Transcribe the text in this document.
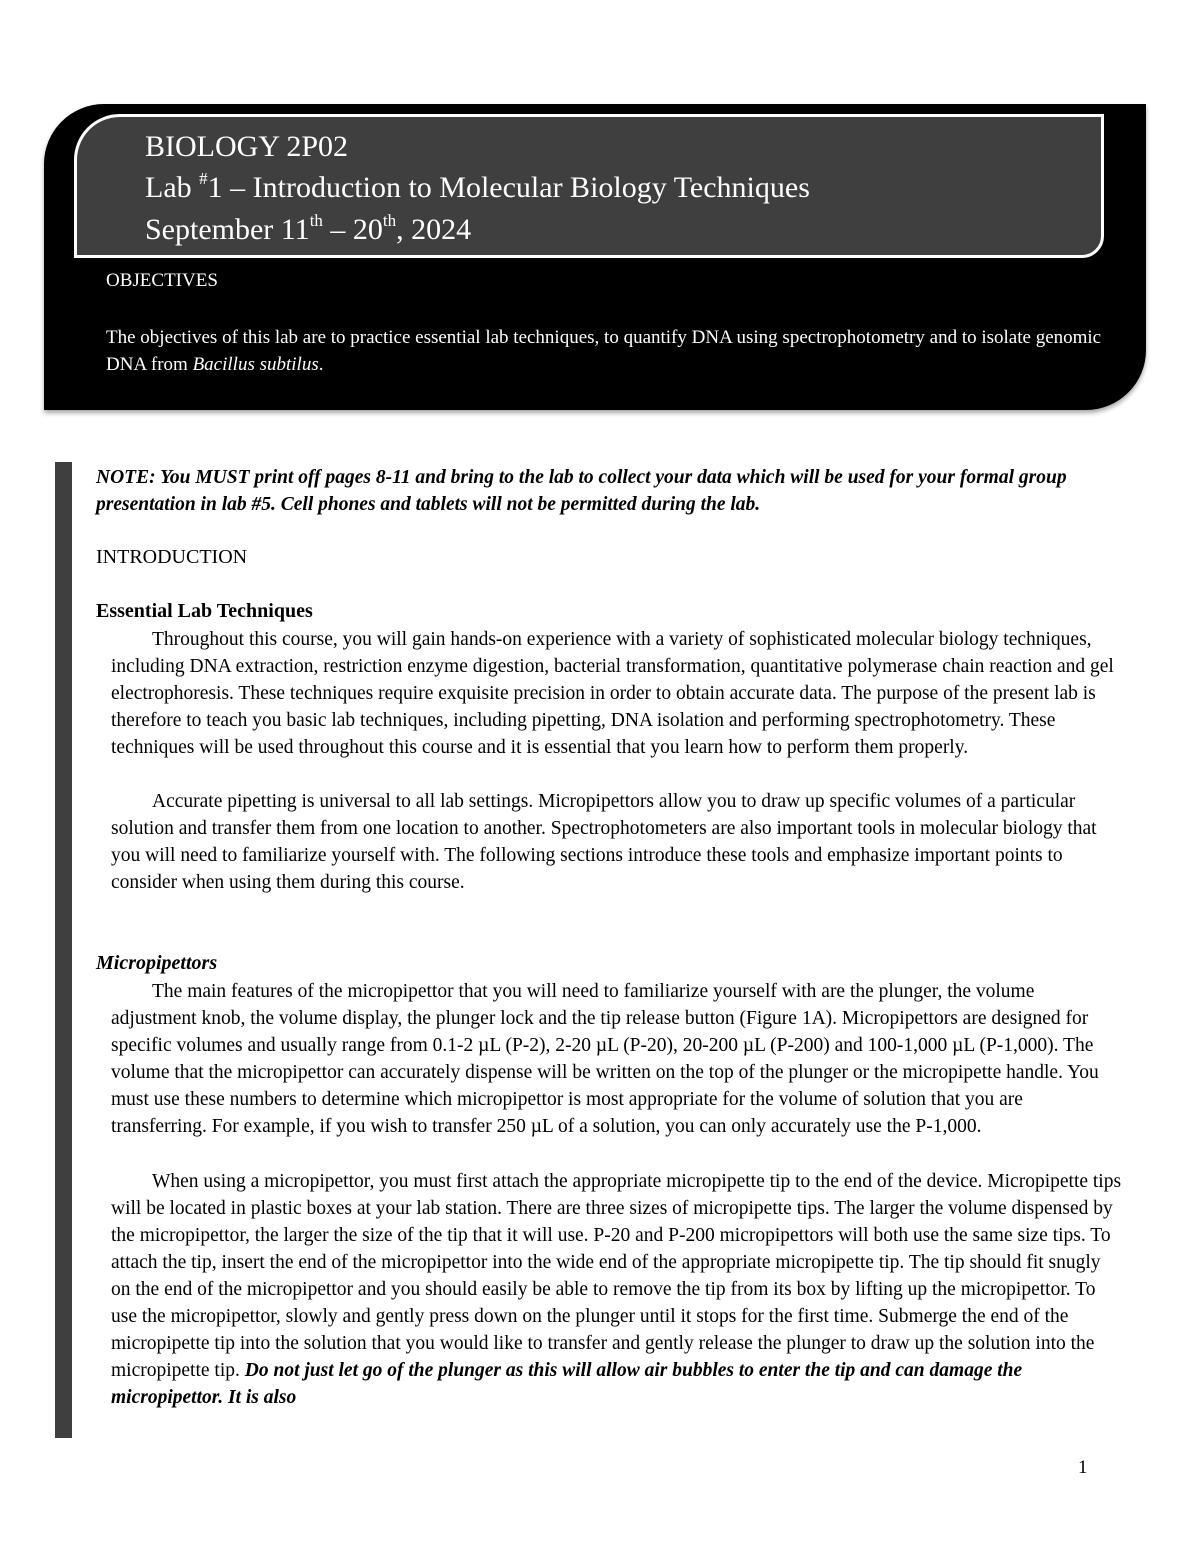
BIOLOGY 2P02
Lab #1 – Introduction to Molecular Biology Techniques
September 11th – 20th, 2024
OBJECTIVES
The objectives of this lab are to practice essential lab techniques, to quantify DNA using spectrophotometry and to isolate genomic DNA from Bacillus subtilus.
NOTE: You MUST print off pages 8-11 and bring to the lab to collect your data which will be used for your formal group presentation in lab #5. Cell phones and tablets will not be permitted during the lab.
INTRODUCTION
Essential Lab Techniques
Throughout this course, you will gain hands-on experience with a variety of sophisticated molecular biology techniques, including DNA extraction, restriction enzyme digestion, bacterial transformation, quantitative polymerase chain reaction and gel electrophoresis. These techniques require exquisite precision in order to obtain accurate data. The purpose of the present lab is therefore to teach you basic lab techniques, including pipetting, DNA isolation and performing spectrophotometry. These techniques will be used throughout this course and it is essential that you learn how to perform them properly.
Accurate pipetting is universal to all lab settings. Micropipettors allow you to draw up specific volumes of a particular solution and transfer them from one location to another. Spectrophotometers are also important tools in molecular biology that you will need to familiarize yourself with. The following sections introduce these tools and emphasize important points to consider when using them during this course.
Micropipettors
The main features of the micropipettor that you will need to familiarize yourself with are the plunger, the volume adjustment knob, the volume display, the plunger lock and the tip release button (Figure 1A). Micropipettors are designed for specific volumes and usually range from 0.1-2 µL (P-2), 2-20 µL (P-20), 20-200 µL (P-200) and 100-1,000 µL (P-1,000). The volume that the micropipettor can accurately dispense will be written on the top of the plunger or the micropipette handle. You must use these numbers to determine which micropipettor is most appropriate for the volume of solution that you are transferring. For example, if you wish to transfer 250 µL of a solution, you can only accurately use the P-1,000.
When using a micropipettor, you must first attach the appropriate micropipette tip to the end of the device. Micropipette tips will be located in plastic boxes at your lab station. There are three sizes of micropipette tips. The larger the volume dispensed by the micropipettor, the larger the size of the tip that it will use. P-20 and P-200 micropipettors will both use the same size tips. To attach the tip, insert the end of the micropipettor into the wide end of the appropriate micropipette tip. The tip should fit snugly on the end of the micropipettor and you should easily be able to remove the tip from its box by lifting up the micropipettor. To use the micropipettor, slowly and gently press down on the plunger until it stops for the first time. Submerge the end of the micropipette tip into the solution that you would like to transfer and gently release the plunger to draw up the solution into the micropipette tip. Do not just let go of the plunger as this will allow air bubbles to enter the tip and can damage the micropipettor. It is also
1
